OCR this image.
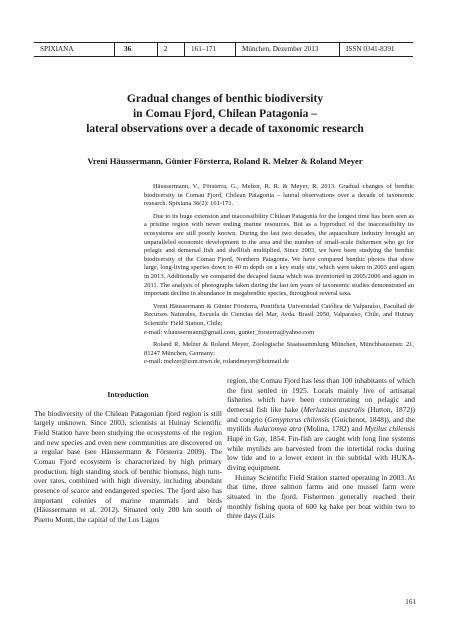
SPIXIANA	36	2	161–171	München, Dezember 2013	ISSN 0341-8391
Gradual changes of benthic biodiversity
in Comau Fjord, Chilean Patagonia –
lateral observations over a decade of taxonomic research
Vreni Häussermann, Günter Försterra, Roland R. Melzer & Roland Meyer

Häussermann, V., Försterra, G., Melzer, R. R. & Meyer, R. 2013. Gradual changes of benthic biodiversity in Comau Fjord, Chilean Patagonia – lateral observations over a decade of taxonomic research. Spixiana 36(2): 161-171.

Due to its huge extension and inaccessibility Chilean Patagonia for the longest time has been seen as a pristine region with never ending marine resources. But as a byproduct of the inaccessibility its ecosystems are still poorly known. During the last two decades, the aquaculture industry brought an unparalleled economic development to the area and the number of small-scale fishermen who go for pelagic and demersal fish and shellfish multiplied. Since 2003, we have been studying the benthic biodiversity of the Comau Fjord, Northern Patagonia. We have compared benthic photos that show large, long-living species down to 40 m depth on a key study site, which were taken in 2003 and again in 2013. Additionally we compared the decapod fauna which was inventoried in 2005/2006 and again in 2011. The analysis of photographs taken during the last ten years of taxonomic studies demonstrated an important decline in abundance in megabenthic species, throughout several taxa.

Vreni Häussermann & Günter Försterra, Pontificia Universidad Católica de Valparaíso, Facultad de Recursos Naturales, Escuela de Ciencias del Mar, Avda. Brasil 2950, Valparaíso, Chile, and Huinay Scientific Field Station, Chile;
e-mail: v.haussermann@gmail.com, gunter_forsterra@yahoo.com

Roland R. Melzer & Roland Meyer, Zoologische Staatssammlung München, Münchhausenstr. 21, 81247 München, Germany;
e-mail: melzer@zsm.mwn.de, rolandmeyer@hotmail.de

Introduction

The biodiversity of the Chilean Patagonian fjord region is still largely unknown. Since 2003, scientists at Huinay Scientific Field Station have been studying the ecosystems of the region and new species and even new communities are discovered on a regular base (see Häussermann & Försterra 2009). The Comau Fjord ecosystem is characterized by high primary production, high standing stock of benthic biomass, high turn-over rates, combined with high diversity, including abundant presence of scarce and endangered species. The fjord also has important colonies of marine mammals and birds (Häussermann et al. 2012). Situated only 200 km south of Puerto Montt, the capital of the Los Lagos

region, the Comau Fjord has less than 100 inhabitants of which the first settled in 1925. Locals mainly live of artisanal fisheries which have been concentrating on pelagic and demersal fish like hake (Merluzzius australis (Hutton, 1872)) and congrio (Genypterus chilensis (Guichenot, 1848)), and the mytilids Aulacomya atra (Molina, 1782) and Mytilus chilensis Hupé in Gay, 1854. Fin-fish are caught with long line systems while mytilids are harvested from the intertidal rocks during low tide and to a lower extent in the subtidal with HUKA-diving equipment.

Huinay Scientific Field Station started operating in 2003. At that time, three salmon farms and one mussel farm were situated in the fjord. Fishermen generally reached their monthly fishing quota of 600 kg hake per boat within two to three days (Luis

161
